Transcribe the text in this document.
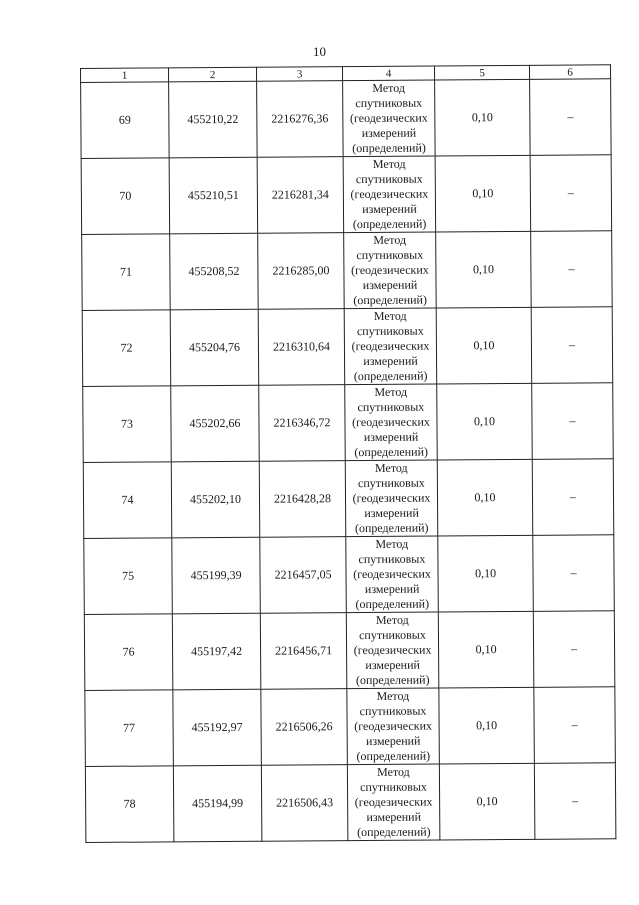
10
1	2	3	4	5	6
69	455210,22	2216276,36	Метод
спутниковых
(геодезических
измерений
(определений)	0,10	–
70	455210,51	2216281,34	Метод
спутниковых
(геодезических
измерений
(определений)	0,10	–
71	455208,52	2216285,00	Метод
спутниковых
(геодезических
измерений
(определений)	0,10	–
72	455204,76	2216310,64	Метод
спутниковых
(геодезических
измерений
(определений)	0,10	–
73	455202,66	2216346,72	Метод
спутниковых
(геодезических
измерений
(определений)	0,10	–
74	455202,10	2216428,28	Метод
спутниковых
(геодезических
измерений
(определений)	0,10	–
75	455199,39	2216457,05	Метод
спутниковых
(геодезических
измерений
(определений)	0,10	–
76	455197,42	2216456,71	Метод
спутниковых
(геодезических
измерений
(определений)	0,10	–
77	455192,97	2216506,26	Метод
спутниковых
(геодезических
измерений
(определений)	0,10	–
78	455194,99	2216506,43	Метод
спутниковых
(геодезических
измерений
(определений)	0,10	–
